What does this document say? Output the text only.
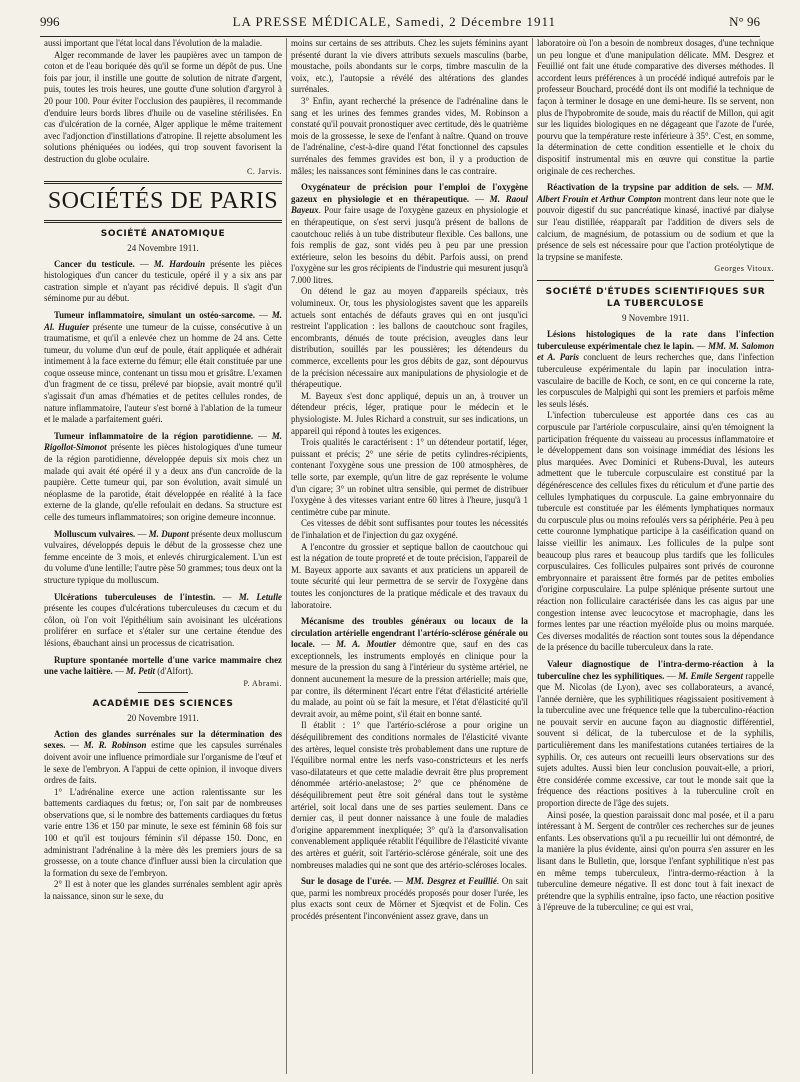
996	LA PRESSE MÉDICALE, Samedi, 2 Décembre 1911	N° 96

aussi important que l'état local dans l'évolution de la maladie.

Alger recommande de laver les paupières avec un tampon de coton et de l'eau boriquée dès qu'il se forme un dépôt de pus. Une fois par jour, il instille une goutte de solution de nitrate d'argent, puis, toutes les trois heures, une goutte d'une solution d'argyrol à 20 pour 100. Pour éviter l'occlusion des paupières, il recommande d'enduire leurs bords libres d'huile ou de vaseline stérilisées. En cas d'ulcération de la cornée, Alger applique le même traitement avec l'adjonction d'instillations d'atropine. Il rejette absolument les solutions phéniquées ou iodées, qui trop souvent favorisent la destruction du globe oculaire.

C. Jarvis.
SOCIÉTÉS DE PARIS
SOCIÉTÉ ANATOMIQUE
24 Novembre 1911.

Cancer du testicule. — M. Hardouin présente les pièces histologiques d'un cancer du testicule, opéré il y a six ans par castration simple et n'ayant pas récidivé depuis. Il s'agit d'un séminome pur au début.

Tumeur inflammatoire, simulant un ostéo-sarcome. — M. Al. Huguier présente une tumeur de la cuisse, consécutive à un traumatisme, et qu'il a enlevée chez un homme de 24 ans. Cette tumeur, du volume d'un œuf de poule, était appliquée et adhérait intimement à la face externe du fémur; elle était constituée par une coque osseuse mince, contenant un tissu mou et grisâtre. L'examen d'un fragment de ce tissu, prélevé par biopsie, avait montré qu'il s'agissait d'un amas d'hématies et de petites cellules rondes, de nature inflammatoire, l'auteur s'est borné à l'ablation de la tumeur et le malade a parfaitement guéri.

Tumeur inflammatoire de la région parotidienne. — M. Rigollot-Simonot présente les pièces histologiques d'une tumeur de la région parotidienne, développée depuis six mois chez un malade qui avait été opéré il y a deux ans d'un cancroïde de la paupière. Cette tumeur qui, par son évolution, avait simulé un néoplasme de la parotide, était développée en réalité à la face externe de la glande, qu'elle refoulait en dedans. Sa structure est celle des tumeurs inflammatoires; son origine demeure inconnue.

Molluscum vulvaires. — M. Dupont présente deux molluscum vulvaires, développés depuis le début de la grossesse chez une femme enceinte de 3 mois, et enlevés chirurgicalement. L'un est du volume d'une lentille; l'autre pèse 50 grammes; tous deux ont la structure typique du molluscum.

Ulcérations tuberculeuses de l'intestin. — M. Letulle présente les coupes d'ulcérations tuberculeuses du cæcum et du côlon, où l'on voit l'épithélium sain avoisinant les ulcérations proliférer en surface et s'étaler sur une certaine étendue des lésions, ébauchant ainsi un processus de cicatrisation.

Rupture spontanée mortelle d'une varice mammaire chez une vache laitière. — M. Petit (d'Alfort).

P. Abrami.
ACADÉMIE DES SCIENCES
20 Novembre 1911.

Action des glandes surrénales sur la détermination des sexes. — M. R. Robinson estime que les capsules surrénales doivent avoir une influence primordiale sur l'organisme de l'œuf et le sexe de l'embryon. A l'appui de cette opinion, il invoque divers ordres de faits.

1° L'adrénaline exerce une action ralentissante sur les battements cardiaques du fœtus; or, l'on sait par de nombreuses observations que, si le nombre des battements cardiaques du fœtus varie entre 136 et 150 par minute, le sexe est féminin 68 fois sur 100 et qu'il est toujours féminin s'il dépasse 150. Donc, en administrant l'adrénaline à la mère dès les premiers jours de sa grossesse, on a toute chance d'influer aussi bien la circulation que la formation du sexe de l'embryon.

2° Il est à noter que les glandes surrénales semblent agir après la naissance, sinon sur le sexe, du

moins sur certains de ses attributs. Chez les sujets féminins ayant présenté durant la vie divers attributs sexuels masculins (barbe, moustache, poils abondants sur le corps, timbre masculin de la voix, etc.), l'autopsie a révélé des altérations des glandes surrénales.

3° Enfin, ayant recherché la présence de l'adrénaline dans le sang et les urines des femmes grandes vides, M. Robinson a constaté qu'il pouvait pronostiquer avec certitude, dès le quatrième mois de la grossesse, le sexe de l'enfant à naître. Quand on trouve de l'adrénaline, c'est-à-dire quand l'état fonctionnel des capsules surrénales des femmes gravides est bon, il y a production de mâles; les naissances sont féminines dans le cas contraire.

Oxygénateur de précision pour l'emploi de l'oxygène gazeux en physiologie et en thérapeutique. — M. Raoul Bayeux. Pour faire usage de l'oxygène gazeux en physiologie et en thérapeutique, on s'est servi jusqu'à présent de ballons de caoutchouc reliés à un tube distributeur flexible. Ces ballons, une fois remplis de gaz, sont vidés peu à peu par une pression extérieure, selon les besoins du débit. Parfois aussi, on prend l'oxygène sur les gros récipients de l'industrie qui mesurent jusqu'à 7.000 litres.

On détend le gaz au moyen d'appareils spéciaux, très volumineux. Or, tous les physiologistes savent que les appareils actuels sont entachés de défauts graves qui en ont jusqu'ici restreint l'application : les ballons de caoutchouc sont fragiles, encombrants, dénués de toute précision, aveugles dans leur distribution, souillés par les poussières; les détendeurs du commerce, excellents pour les gros débits de gaz, sont dépourvus de la précision nécessaire aux manipulations de physiologie et de thérapeutique.

M. Bayeux s'est donc appliqué, depuis un an, à trouver un détendeur précis, léger, pratique pour le médecin et le physiologiste. M. Jules Richard a construit, sur ses indications, un appareil qui répond à toutes les exigences.

Trois qualités le caractérisent : 1° un détendeur portatif, léger, puissant et précis; 2° une série de petits cylindres-récipients, contenant l'oxygène sous une pression de 100 atmosphères, de telle sorte, par exemple, qu'un litre de gaz représente le volume d'un cigare; 3° un robinet ultra sensible, qui permet de distribuer l'oxygène à des vitesses variant entre 60 litres à l'heure, jusqu'à 1 centimètre cube par minute.

Ces vitesses de débit sont suffisantes pour toutes les nécessités de l'inhalation et de l'injection du gaz oxygéné.

A l'encontre du grossier et septique ballon de caoutchouc qui est la négation de toute propreté et de toute précision, l'appareil de M. Bayeux apporte aux savants et aux praticiens un appareil de toute sécurité qui leur permettra de se servir de l'oxygène dans toutes les conjonctures de la pratique médicale et des travaux du laboratoire.

Mécanisme des troubles généraux ou locaux de la circulation artérielle engendrant l'artério-sclérose générale ou locale. — M. A. Moutier démontre que, sauf en des cas exceptionnels, les instruments employés en clinique pour la mesure de la pression du sang à l'intérieur du système artériel, ne donnent aucunement la mesure de la pression artérielle; mais que, par contre, ils déterminent l'écart entre l'état d'élasticité artérielle du malade, au point où se fait la mesure, et l'état d'élasticité qu'il devrait avoir, au même point, s'il était en bonne santé.

Il établit : 1° que l'artério-sclérose a pour origine un déséquilibrement des conditions normales de l'élasticité vivante des artères, lequel consiste très probablement dans une rupture de l'équilibre normal entre les nerfs vaso-constricteurs et les nerfs vaso-dilatateurs et que cette maladie devrait être plus proprement dénommée artério-anelastose; 2° que ce phénomène de déséquilibrement peut être soit général dans tout le système artériel, soit local dans une de ses parties seulement. Dans ce dernier cas, il peut donner naissance à une foule de maladies d'origine apparemment inexpliquée; 3° qu'à la d'arsonvalisation convenablement appliquée rétablit l'équilibre de l'élasticité vivante des artères et guérit, soit l'artério-sclérose générale, soit une des nombreuses maladies qui ne sont que des artério-scléroses locales.

Sur le dosage de l'urée. — MM. Desgrez et Feuillié. On sait que, parmi les nombreux procédés proposés pour doser l'urée, les plus exacts sont ceux de Mörner et Sjœqvist et de Folin. Ces procédés présentent l'inconvénient assez grave, dans un

laboratoire où l'on a besoin de nombreux dosages, d'une technique un peu longue et d'une manipulation délicate. MM. Desgrez et Feuillié ont fait une étude comparative des diverses méthodes. Il accordent leurs préférences à un procédé indiqué autrefois par le professeur Bouchard, procédé dont ils ont modifié la technique de façon à terminer le dosage en une demi-heure. Ils se servent, non plus de l'hypobromite de soude, mais du réactif de Millon, qui agit sur les liquides biologiques en ne dégageant que l'azote de l'urée, pourvu que la température reste inférieure à 35°. C'est, en somme, la détermination de cette condition essentielle et le choix du dispositif instrumental mis en œuvre qui constitue la partie originale de ces recherches.

Réactivation de la trypsine par addition de sels. — MM. Albert Frouin et Arthur Compton montrent dans leur note que le pouvoir digestif du suc pancréatique kinasé, inactivé par dialyse sur l'eau distillée, réapparaît par l'addition de divers sels de calcium, de magnésium, de potassium ou de sodium et que la présence de sels est nécessaire pour que l'action protéolytique de la trypsine se manifeste.

Georges Vitoux.
SOCIÉTÉ D'ÉTUDES SCIENTIFIQUES SUR LA TUBERCULOSE
9 Novembre 1911.

Lésions histologiques de la rate dans l'infection tuberculeuse expérimentale chez le lapin. — MM. M. Salomon et A. Paris concluent de leurs recherches que, dans l'infection tuberculeuse expérimentale du lapin par inoculation intra-vasculaire de bacille de Koch, ce sont, en ce qui concerne la rate, les corpuscules de Malpighi qui sont les premiers et parfois même les seuls lésés.

L'infection tuberculeuse est apportée dans ces cas au corpuscule par l'artériole corpusculaire, ainsi qu'en témoignent la participation fréquente du vaisseau au processus inflammatoire et le développement dans son voisinage immédiat des lésions les plus marquées. Avec Dominici et Rubens-Duval, les auteurs admettent que le tubercule corpusculaire est constitué par la dégénérescence des cellules fixes du réticulum et d'une partie des cellules lymphatiques du corpuscule. La gaine embryonnaire du tubercule est constituée par les éléments lymphatiques normaux du corpuscule plus ou moins refoulés vers sa périphérie. Peu à peu cette couronne lymphatique participe à la caséification quand on laisse vieillir les animaux. Les follicules de la pulpe sont beaucoup plus rares et beaucoup plus tardifs que les follicules corpusculaires. Ces follicules pulpaires sont privés de couronne embryonnaire et paraissent être formés par de petites embolies d'origine corpusculaire. La pulpe splénique présente surtout une réaction non folliculaire caractérisée dans les cas aigus par une congestion intense avec leucocytose et macrophagie, dans les formes lentes par une réaction myéloïde plus ou moins marquée. Ces diverses modalités de réaction sont toutes sous la dépendance de la présence du bacille tuberculeux dans la rate.

Valeur diagnostique de l'intra-dermo-réaction à la tuberculine chez les syphilitiques. — M. Emile Sergent rappelle que M. Nicolas (de Lyon), avec ses collaborateurs, a avancé, l'année dernière, que les syphilitiques réagissaient positivement à la tuberculine avec une fréquence telle que la tuberculino-réaction ne pouvait servir en aucune façon au diagnostic différentiel, souvent si délicat, de la tuberculose et de la syphilis, particulièrement dans les manifestations cutanées tertiaires de la syphilis. Or, ces auteurs ont recueilli leurs observations sur des sujets adultes. Aussi bien leur conclusion pouvait-elle, a priori, être considérée comme excessive, car tout le monde sait que la fréquence des réactions positives à la tuberculine croît en proportion directe de l'âge des sujets.

Ainsi posée, la question paraissait donc mal posée, et il a paru intéressant à M. Sergent de contrôler ces recherches sur de jeunes enfants. Les observations qu'il a pu recueillir lui ont démontré, de la manière la plus évidente, ainsi qu'on pourra s'en assurer en les lisant dans le Bulletin, que, lorsque l'enfant syphilitique n'est pas en même temps tuberculeux, l'intra-dermo-réaction à la tuberculine demeure négative. Il est donc tout à fait inexact de prétendre que la syphilis entraîne, ipso facto, une réaction positive à l'épreuve de la tuberculine; ce qui est vrai,
